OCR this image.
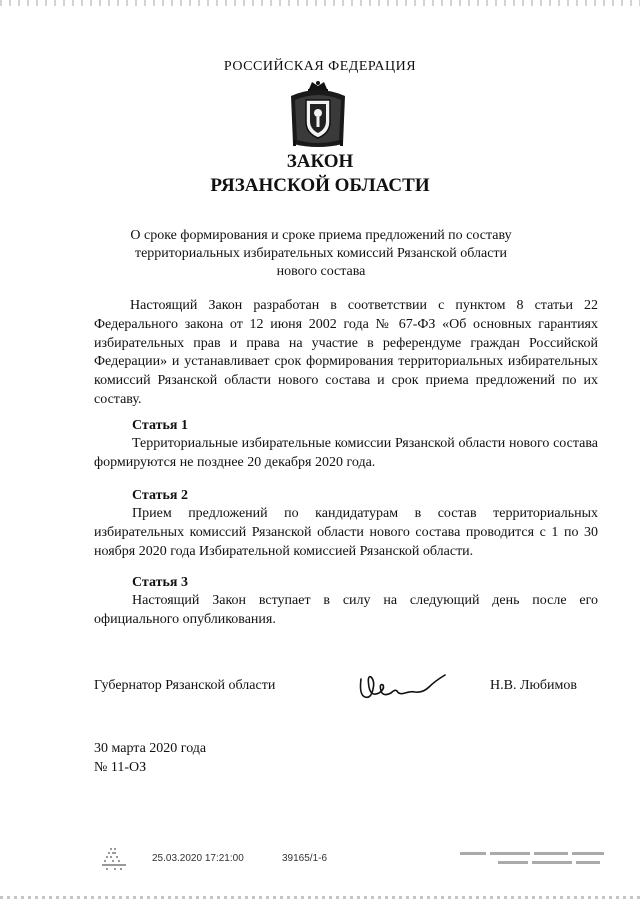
РОССИЙСКАЯ ФЕДЕРАЦИЯ
ЗАКОН
РЯЗАНСКОЙ ОБЛАСТИ
О сроке формирования и сроке приема предложений по составу территориальных избирательных комиссий Рязанской области нового состава
Настоящий Закон разработан в соответствии с пунктом 8 статьи 22 Федерального закона от 12 июня 2002 года № 67-ФЗ «Об основных гарантиях избирательных прав и права на участие в референдуме граждан Российской Федерации» и устанавливает срок формирования территориальных избирательных комиссий Рязанской области нового состава и срок приема предложений по их составу.
Статья 1
Территориальные избирательные комиссии Рязанской области нового состава формируются не позднее 20 декабря 2020 года.
Статья 2
Прием предложений по кандидатурам в состав территориальных избирательных комиссий Рязанской области нового состава проводится с 1 по 30 ноября 2020 года Избирательной комиссией Рязанской области.
Статья 3
Настоящий Закон вступает в силу на следующий день после его официального опубликования.
Губернатор Рязанской области	Н.В. Любимов
30 марта 2020 года
№ 11-ОЗ
25.03.2020 17:21:00	39165/1-6
